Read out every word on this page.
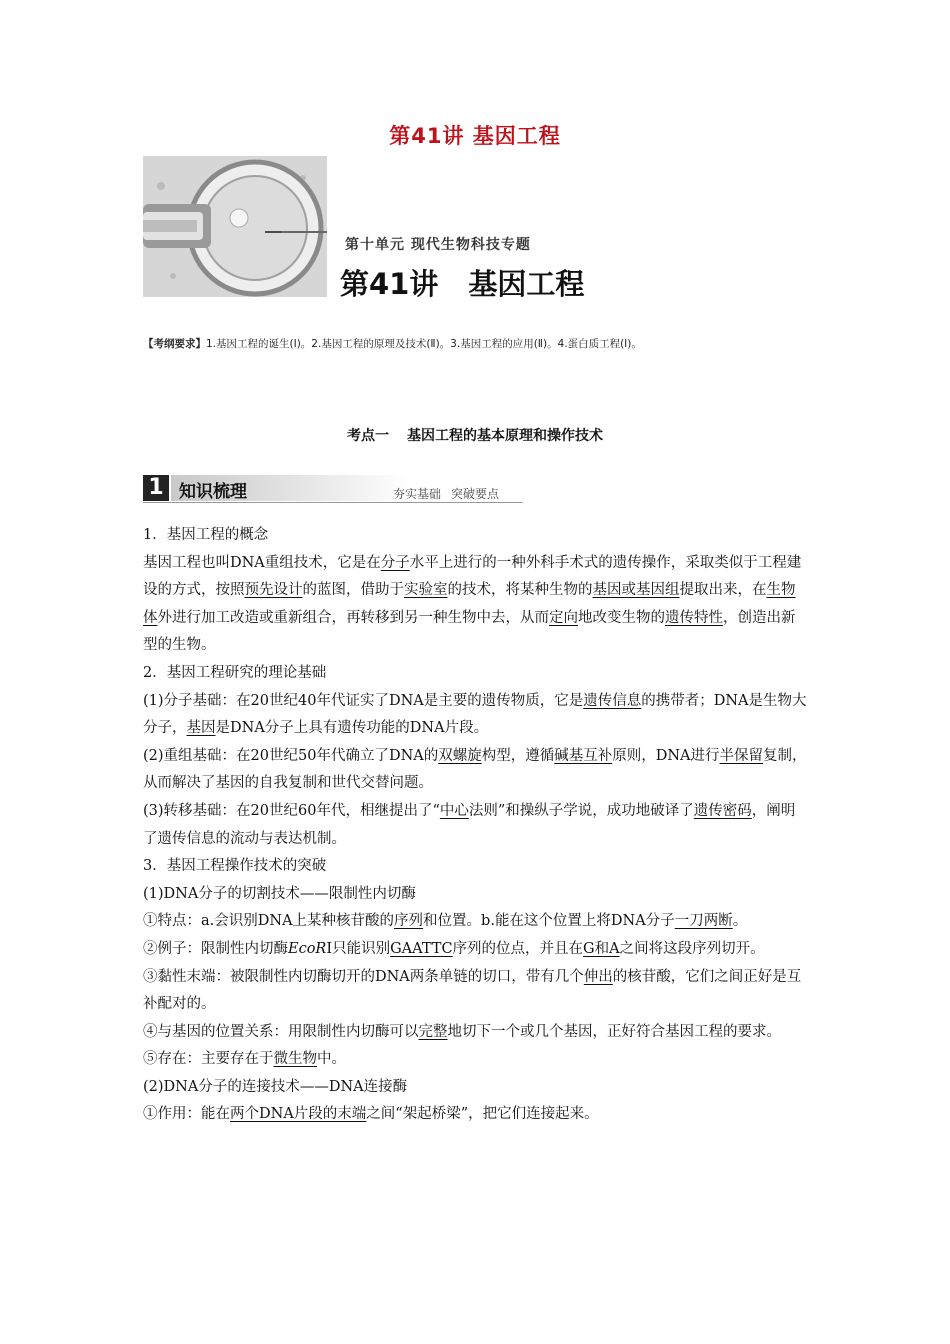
第41讲 基因工程
第十单元 现代生物科技专题
第41讲 基因工程
【考纲要求】1.基因工程的诞生(Ⅰ)。2.基因工程的原理及技术(Ⅱ)。3.基因工程的应用(Ⅱ)。4.蛋白质工程(Ⅰ)。
考点一 基因工程的基本原理和操作技术
1 知识梳理	夯实基础 突破要点

1．基因工程的概念

基因工程也叫DNA重组技术，它是在分子水平上进行的一种外科手术式的遗传操作，采取类似于工程建设的方式，按照预先设计的蓝图，借助于实验室的技术，将某种生物的基因或基因组提取出来，在生物体外进行加工改造或重新组合，再转移到另一种生物中去，从而定向地改变生物的遗传特性，创造出新型的生物。

2．基因工程研究的理论基础

(1)分子基础：在20世纪40年代证实了DNA是主要的遗传物质，它是遗传信息的携带者；DNA是生物大分子，基因是DNA分子上具有遗传功能的DNA片段。

(2)重组基础：在20世纪50年代确立了DNA的双螺旋构型，遵循碱基互补原则，DNA进行半保留复制，从而解决了基因的自我复制和世代交替问题。

(3)转移基础：在20世纪60年代，相继提出了“中心法则”和操纵子学说，成功地破译了遗传密码，阐明了遗传信息的流动与表达机制。

3．基因工程操作技术的突破

(1)DNA分子的切割技术——限制性内切酶

①特点：a.会识别DNA上某种核苷酸的序列和位置。b.能在这个位置上将DNA分子一刀两断。

②例子：限制性内切酶EcoRⅠ只能识别GAATTC序列的位点，并且在G和A之间将这段序列切开。

③黏性末端：被限制性内切酶切开的DNA两条单链的切口，带有几个伸出的核苷酸，它们之间正好是互补配对的。

④与基因的位置关系：用限制性内切酶可以完整地切下一个或几个基因，正好符合基因工程的要求。

⑤存在：主要存在于微生物中。

(2)DNA分子的连接技术——DNA连接酶

①作用：能在两个DNA片段的末端之间“架起桥梁”，把它们连接起来。
